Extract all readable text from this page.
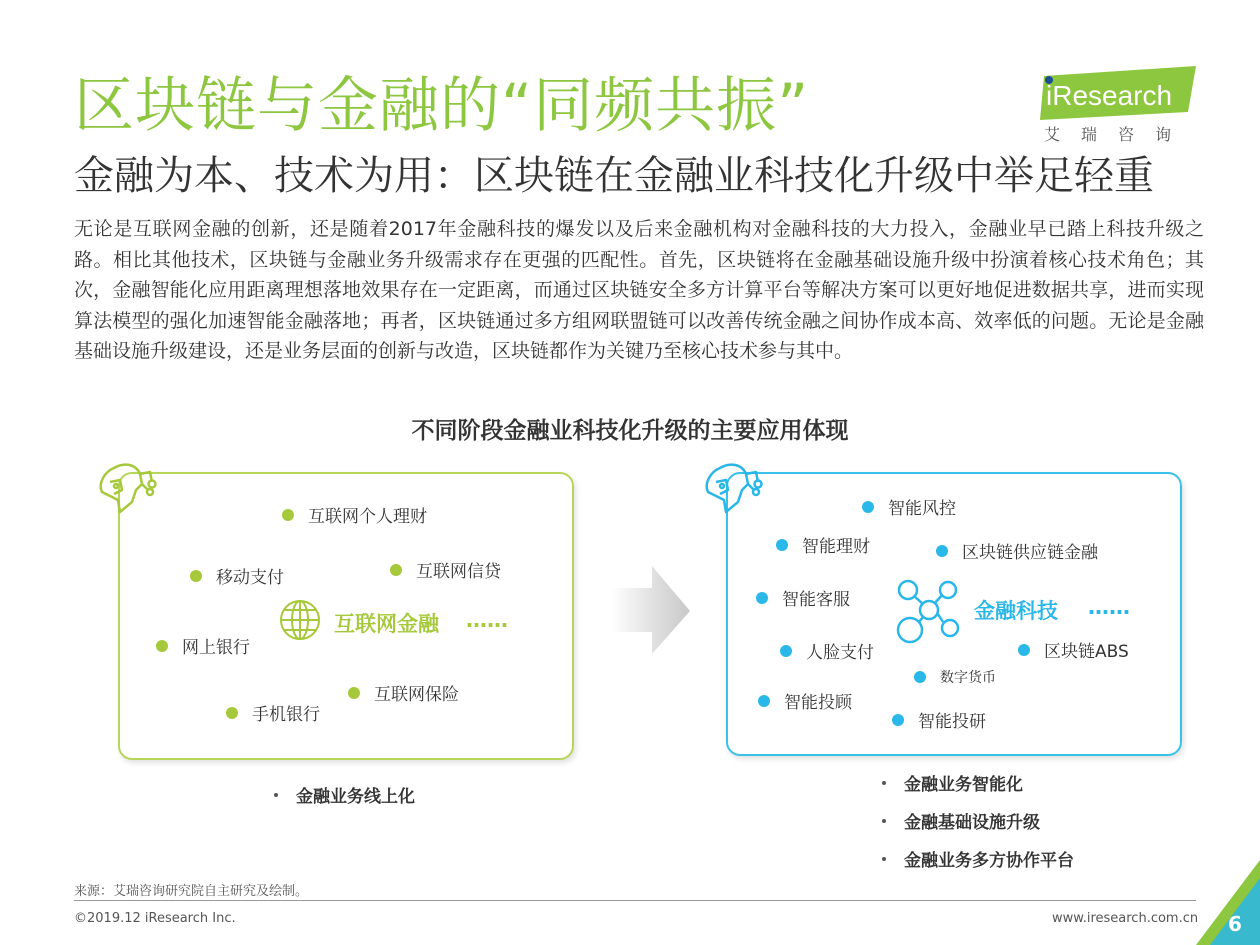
区块链与金融的“同频共振”
金融为本、技术为用：区块链在金融业科技化升级中举足轻重
iResearch
艾瑞咨询
无论是互联网金融的创新，还是随着2017年金融科技的爆发以及后来金融机构对金融科技的大力投入，金融业早已踏上科技升级之路。相比其他技术，区块链与金融业务升级需求存在更强的匹配性。首先，区块链将在金融基础设施升级中扮演着核心技术角色；其次，金融智能化应用距离理想落地效果存在一定距离，而通过区块链安全多方计算平台等解决方案可以更好地促进数据共享，进而实现算法模型的强化加速智能金融落地；再者，区块链通过多方组网联盟链可以改善传统金融之间协作成本高、效率低的问题。无论是金融基础设施升级建设，还是业务层面的创新与改造，区块链都作为关键乃至核心技术参与其中。
不同阶段金融业科技化升级的主要应用体现
互联网个人理财
移动支付	互联网信贷
网上银行
互联网保险
手机银行
互联网金融 ……
金融业务线上化
智能风控
智能理财	区块链供应链金融
智能客服
人脸支付	区块链ABS
数字货币
智能投顾
智能投研
金融科技 ……
金融业务智能化
金融基础设施升级
金融业务多方协作平台
来源：艾瑞咨询研究院自主研究及绘制。
©2019.12 iResearch Inc.	www.iresearch.com.cn 6
